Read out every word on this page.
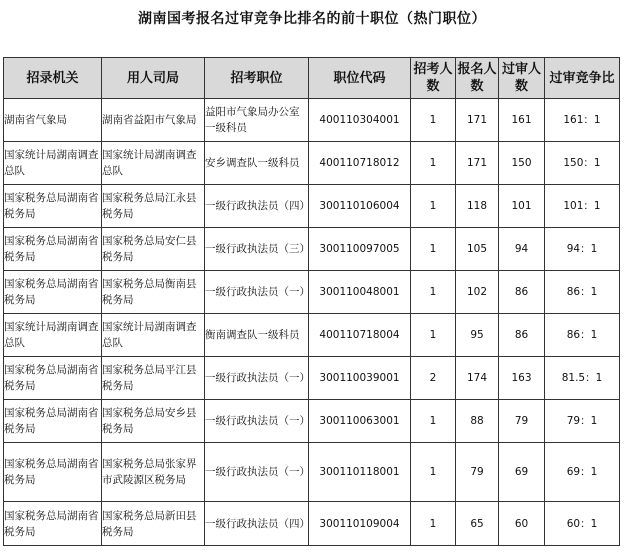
湖南国考报名过审竞争比排名的前十职位（热门职位）
招录机关	用人司局	招考职位	职位代码	招考人数	报名人数	过审人数	过审竞争比
湖南省气象局	湖南省益阳市气象局	益阳市气象局办公室一级科员	400110304001	1	171	161	161：1
国家统计局湖南调查总队	国家统计局湖南调查总队	安乡调查队一级科员	400110718012	1	171	150	150：1
国家税务总局湖南省税务局	国家税务总局江永县税务局	一级行政执法员（四）	300110106004	1	118	101	101：1
国家税务总局湖南省税务局	国家税务总局安仁县税务局	一级行政执法员（三）	300110097005	1	105	94	94：1
国家税务总局湖南省税务局	国家税务总局衡南县税务局	一级行政执法员（一）	300110048001	1	102	86	86：1
国家统计局湖南调查总队	国家统计局湖南调查总队	衡南调查队一级科员	400110718004	1	95	86	86：1
国家税务总局湖南省税务局	国家税务总局平江县税务局	一级行政执法员（一）	300110039001	2	174	163	81.5：1
国家税务总局湖南省税务局	国家税务总局安乡县税务局	一级行政执法员（一）	300110063001	1	88	79	79：1
国家税务总局湖南省税务局	国家税务总局张家界市武陵源区税务局	一级行政执法员（一）	300110118001	1	79	69	69：1
国家税务总局湖南省税务局	国家税务总局新田县税务局	一级行政执法员（四）	300110109004	1	65	60	60：1
